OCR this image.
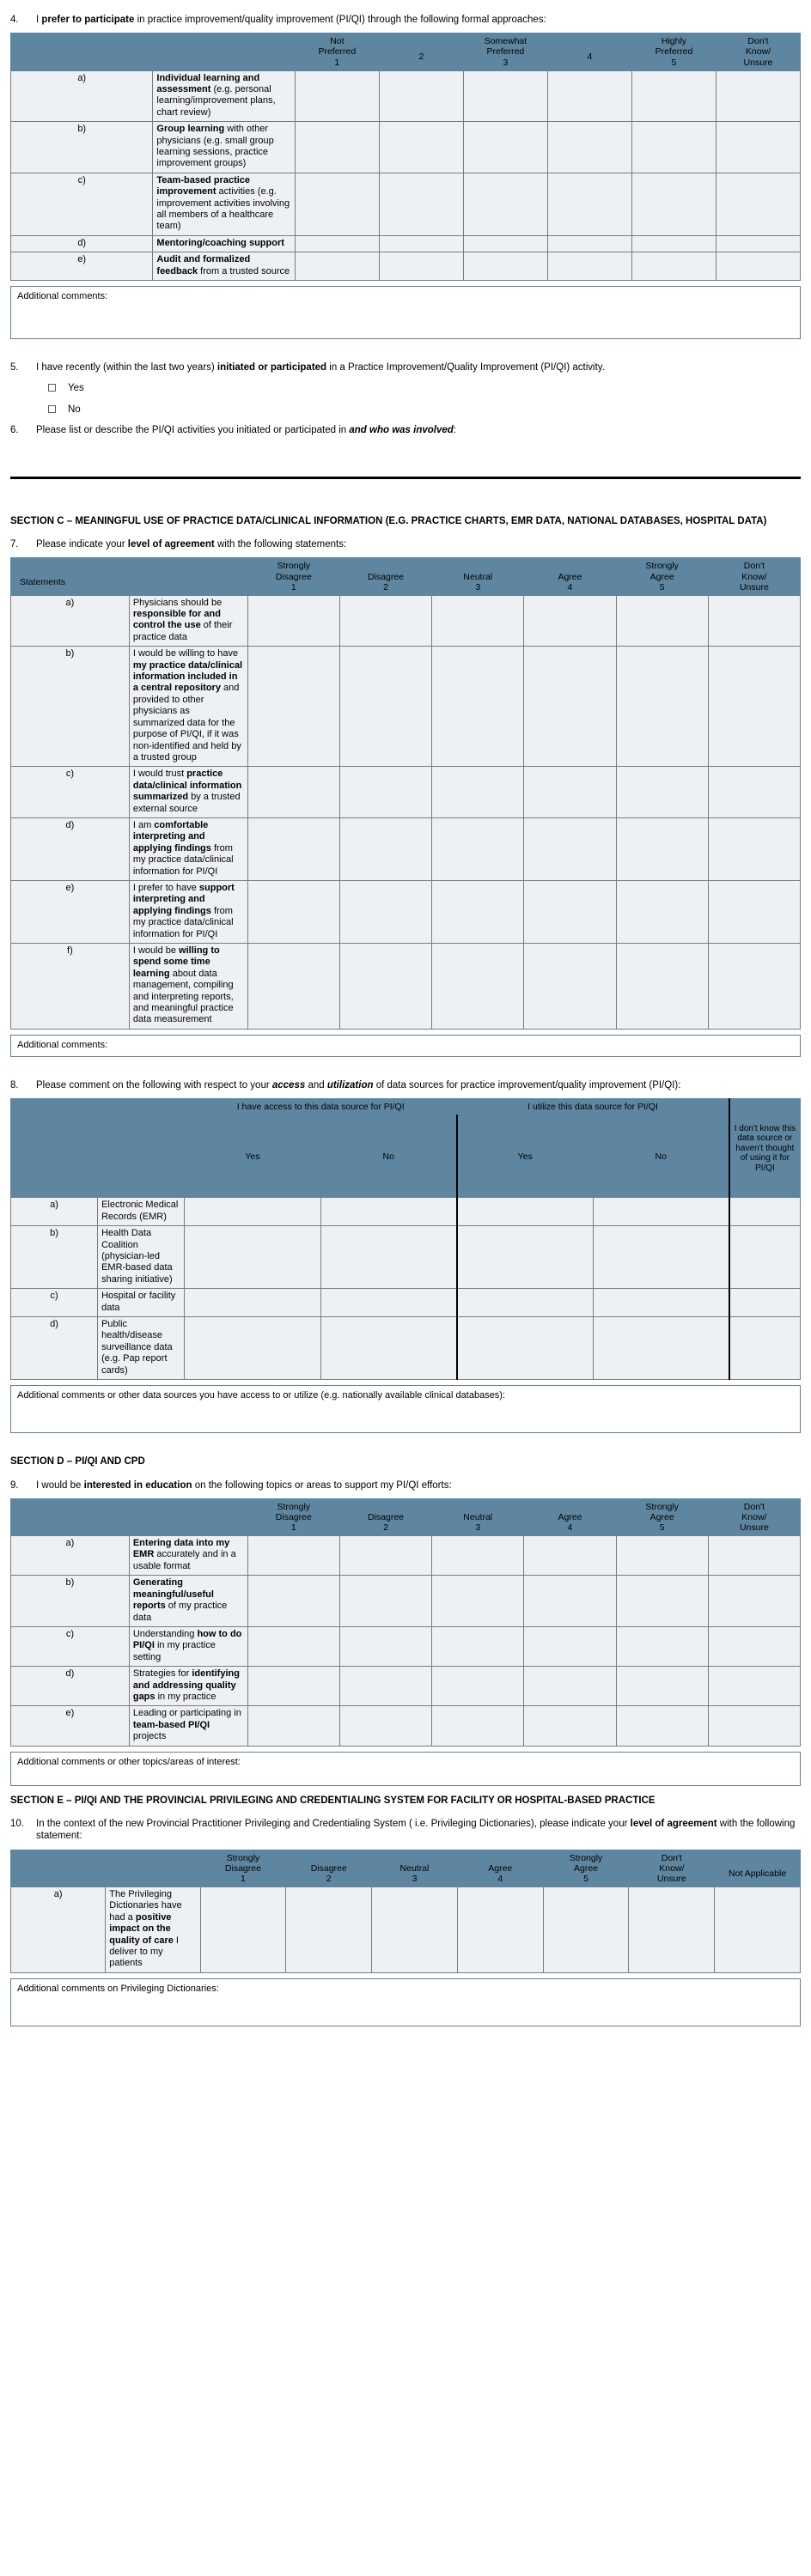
4.	I prefer to participate in practice improvement/quality improvement (PI/QI) through the following formal approaches:

Not
Preferred
1

2

Somewhat
Preferred
3

4

Highly
Preferred
5

Don't
Know/
Unsure

a)	Individual learning and assessment (e.g. personal learning/improvement plans, chart review)						
b)	Group learning with other physicians (e.g. small group learning sessions, practice improvement groups)						
c)	Team-based practice improvement activities (e.g. improvement activities involving all members of a healthcare team)						
d)	Mentoring/coaching support						
e)	Audit and formalized feedback from a trusted source						
Additional comments:
5.	I have recently (within the last two years) initiated or participated in a Practice Improvement/Quality Improvement (PI/QI) activity.
Yes
No
6.	Please list or describe the PI/QI activities you initiated or participated in and who was involved:
SECTION C – MEANINGFUL USE OF PRACTICE DATA/CLINICAL INFORMATION (E.G. PRACTICE CHARTS, EMR DATA, NATIONAL DATABASES, HOSPITAL DATA)
7.	Please indicate your level of agreement with the following statements:

Statements

Strongly
Disagree
1

Disagree
2

Neutral
3

Agree
4

Strongly
Agree
5

Don't
Know/
Unsure

a)	Physicians should be responsible for and control the use of their practice data						
b)	I would be willing to have my practice data/clinical information included in a central repository and provided to other physicians as summarized data for the purpose of PI/QI, if it was non-identified and held by a trusted group						
c)	I would trust practice data/clinical information summarized by a trusted external source						
d)	I am comfortable interpreting and applying findings from my practice data/clinical information for PI/QI						
e)	I prefer to have support interpreting and applying findings from my practice data/clinical information for PI/QI						
f)	I would be willing to spend some time learning about data management, compiling and interpreting reports, and meaningful practice data measurement						
Additional comments:
8.	Please comment on the following with respect to your access and utilization of data sources for practice improvement/quality improvement (PI/QI):
		I have access to this data source for PI/QI		I utilize this data source for PI/QI		I don't know this data source or haven't thought of using it for PI/QI
		Yes	No	Yes	No	
a)	Electronic Medical Records (EMR)					
b)	Health Data Coalition (physician-led EMR-based data sharing initiative)					
c)	Hospital or facility data					
d)	Public health/disease surveillance data (e.g. Pap report cards)					
Additional comments or other data sources you have access to or utilize (e.g. nationally available clinical databases):
SECTION D – PI/QI AND CPD
9.	I would be interested in education on the following topics or areas to support my PI/QI efforts:

Strongly
Disagree
1

Disagree
2

Neutral
3

Agree
4

Strongly
Agree
5

Don't
Know/
Unsure

a)	Entering data into my EMR accurately and in a usable format						
b)	Generating meaningful/useful reports of my practice data						
c)	Understanding how to do PI/QI in my practice setting						
d)	Strategies for identifying and addressing quality gaps in my practice						
e)	Leading or participating in team-based PI/QI projects						
Additional comments or other topics/areas of interest:
SECTION E – PI/QI AND THE PROVINCIAL PRIVILEGING AND CREDENTIALING SYSTEM FOR FACILITY OR HOSPITAL-BASED PRACTICE
10.	In the context of the new Provincial Practitioner Privileging and Credentialing System ( i.e. Privileging Dictionaries), please indicate your level of agreement with the following statement:

Strongly
Disagree
1

Disagree
2

Neutral
3

Agree
4

Strongly
Agree
5

Don't
Know/
Unsure

Not Applicable

a)	The Privileging Dictionaries have had a positive impact on the quality of care I deliver to my patients							
Additional comments on Privileging Dictionaries:
